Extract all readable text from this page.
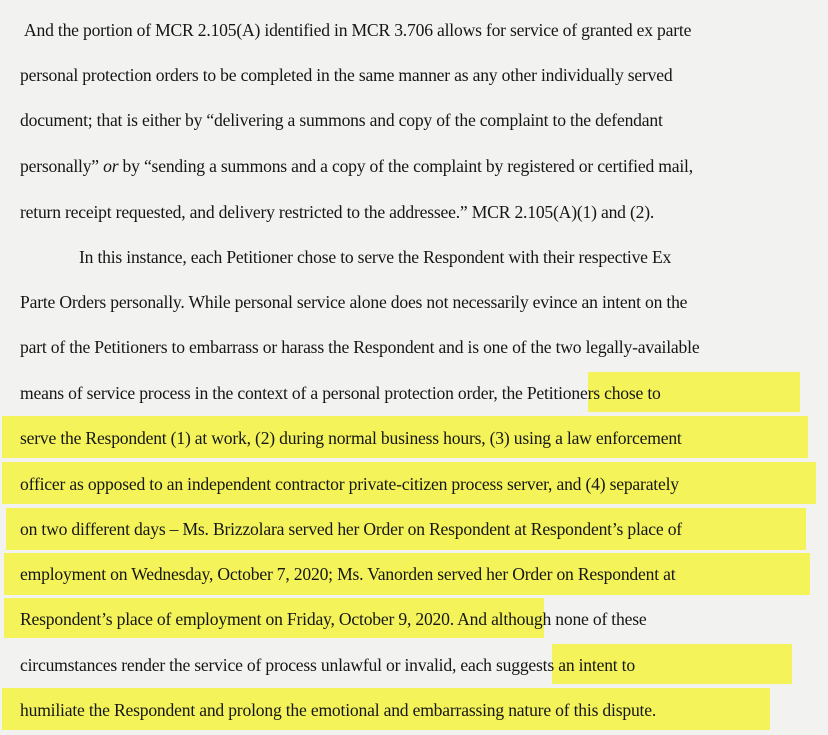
And the portion of MCR 2.105(A) identified in MCR 3.706 allows for service of granted ex parte
personal protection orders to be completed in the same manner as any other individually served
document; that is either by “delivering a summons and copy of the complaint to the defendant
personally” or by “sending a summons and a copy of the complaint by registered or certified mail,
return receipt requested, and delivery restricted to the addressee.” MCR 2.105(A)(1) and (2).
In this instance, each Petitioner chose to serve the Respondent with their respective Ex
Parte Orders personally. While personal service alone does not necessarily evince an intent on the
part of the Petitioners to embarrass or harass the Respondent and is one of the two legally-available
means of service process in the context of a personal protection order, the Petitioners chose to
serve the Respondent (1) at work, (2) during normal business hours, (3) using a law enforcement
officer as opposed to an independent contractor private-citizen process server, and (4) separately
on two different days – Ms. Brizzolara served her Order on Respondent at Respondent’s place of
employment on Wednesday, October 7, 2020; Ms. Vanorden served her Order on Respondent at
Respondent’s place of employment on Friday, October 9, 2020. And although none of these
circumstances render the service of process unlawful or invalid, each suggests an intent to
humiliate the Respondent and prolong the emotional and embarrassing nature of this dispute.
